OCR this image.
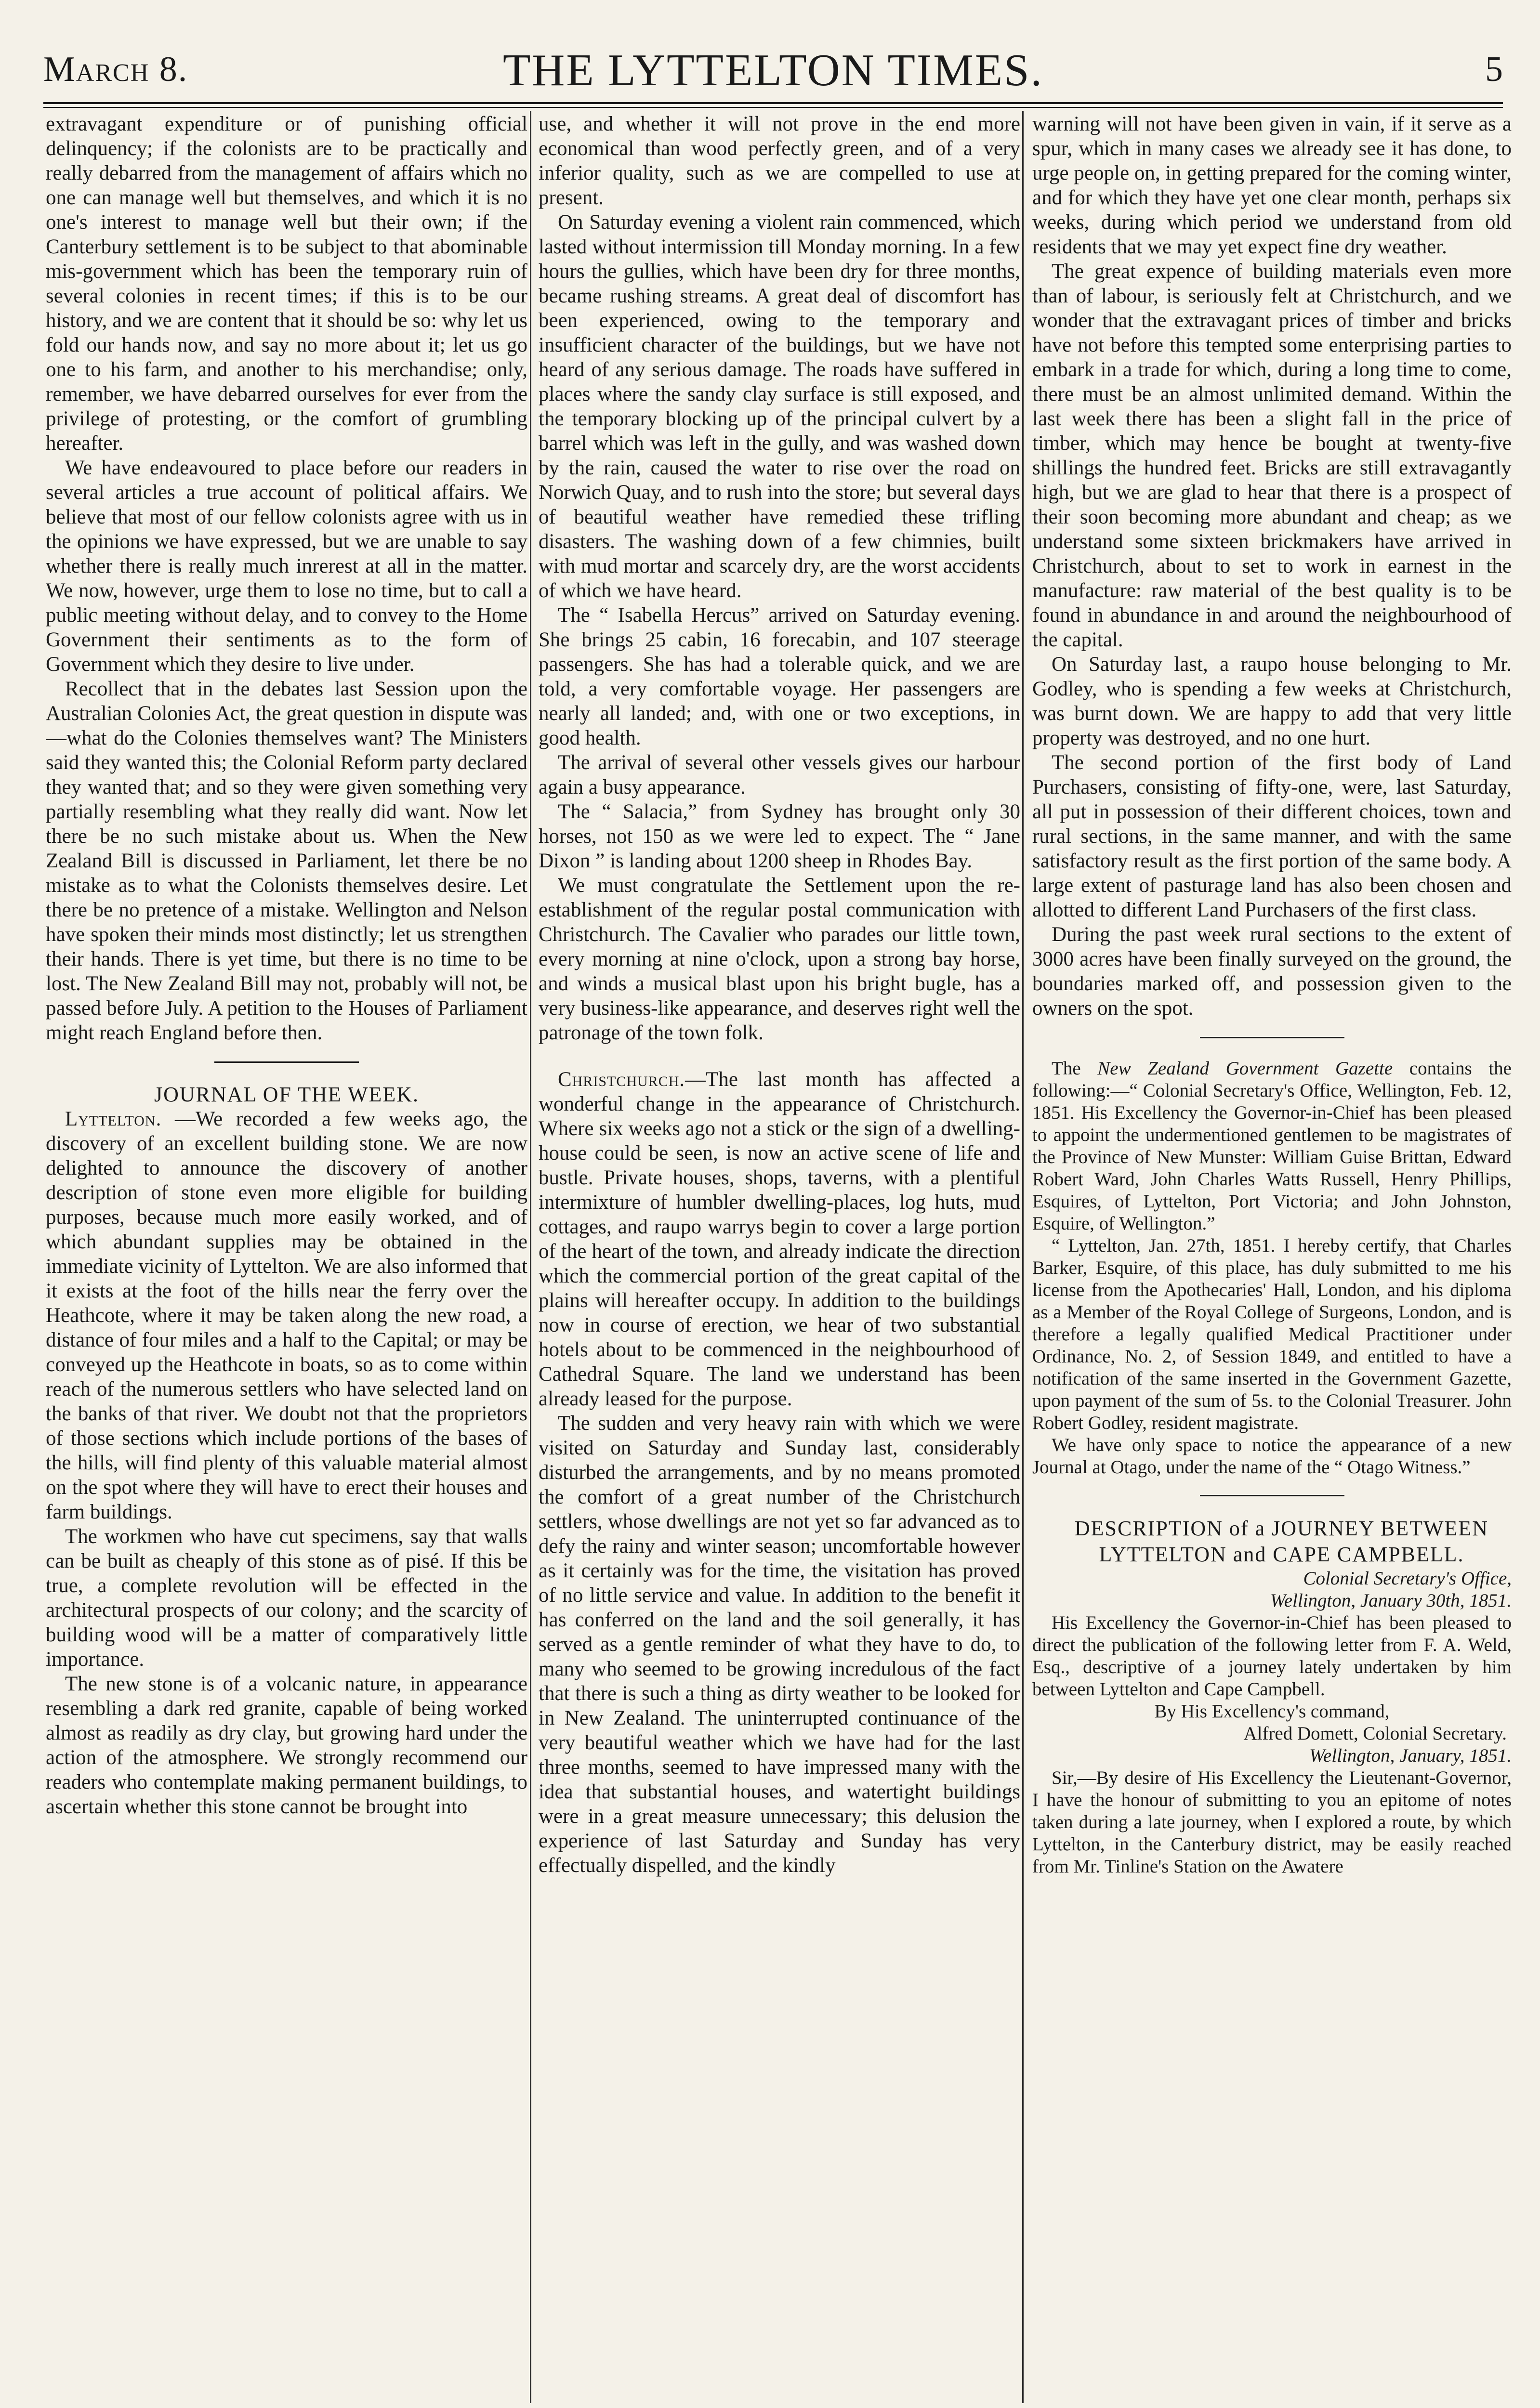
March 8.	THE LYTTELTON TIMES.	5

extravagant expenditure or of punishing official delinquency; if the colonists are to be practically and really debarred from the management of affairs which no one can manage well but themselves, and which it is no one's interest to manage well but their own; if the Canterbury settlement is to be subject to that abominable mis-government which has been the temporary ruin of several colonies in recent times; if this is to be our history, and we are content that it should be so: why let us fold our hands now, and say no more about it; let us go one to his farm, and another to his merchandise; only, remember, we have debarred ourselves for ever from the privilege of protesting, or the comfort of grumbling hereafter.

We have endeavoured to place before our readers in several articles a true account of political affairs. We believe that most of our fellow colonists agree with us in the opinions we have expressed, but we are unable to say whether there is really much inrerest at all in the matter. We now, however, urge them to lose no time, but to call a public meeting without delay, and to convey to the Home Government their sentiments as to the form of Government which they desire to live under.

Recollect that in the debates last Session upon the Australian Colonies Act, the great question in dispute was—what do the Colonies themselves want? The Ministers said they wanted this; the Colonial Reform party declared they wanted that; and so they were given something very partially resembling what they really did want. Now let there be no such mistake about us. When the New Zealand Bill is discussed in Parliament, let there be no mistake as to what the Colonists themselves desire. Let there be no pretence of a mistake. Wellington and Nelson have spoken their minds most distinctly; let us strengthen their hands. There is yet time, but there is no time to be lost. The New Zealand Bill may not, probably will not, be passed before July. A petition to the Houses of Parliament might reach England before then.

JOURNAL OF THE WEEK.

Lyttelton. —We recorded a few weeks ago, the discovery of an excellent building stone. We are now delighted to announce the discovery of another description of stone even more eligible for building purposes, because much more easily worked, and of which abundant supplies may be obtained in the immediate vicinity of Lyttelton. We are also informed that it exists at the foot of the hills near the ferry over the Heathcote, where it may be taken along the new road, a distance of four miles and a half to the Capital; or may be conveyed up the Heathcote in boats, so as to come within reach of the numerous settlers who have selected land on the banks of that river. We doubt not that the proprietors of those sections which include portions of the bases of the hills, will find plenty of this valuable material almost on the spot where they will have to erect their houses and farm buildings.

The workmen who have cut specimens, say that walls can be built as cheaply of this stone as of pisé. If this be true, a complete revolution will be effected in the architectural prospects of our colony; and the scarcity of building wood will be a matter of comparatively little importance.

The new stone is of a volcanic nature, in appearance resembling a dark red granite, capable of being worked almost as readily as dry clay, but growing hard under the action of the atmosphere. We strongly recommend our readers who contemplate making permanent buildings, to ascertain whether this stone cannot be brought into

use, and whether it will not prove in the end more economical than wood perfectly green, and of a very inferior quality, such as we are compelled to use at present.

On Saturday evening a violent rain commenced, which lasted without intermission till Monday morning. In a few hours the gullies, which have been dry for three months, became rushing streams. A great deal of discomfort has been experienced, owing to the temporary and insufficient character of the buildings, but we have not heard of any serious damage. The roads have suffered in places where the sandy clay surface is still exposed, and the temporary blocking up of the principal culvert by a barrel which was left in the gully, and was washed down by the rain, caused the water to rise over the road on Norwich Quay, and to rush into the store; but several days of beautiful weather have remedied these trifling disasters. The washing down of a few chimnies, built with mud mortar and scarcely dry, are the worst accidents of which we have heard.

The “ Isabella Hercus” arrived on Saturday evening. She brings 25 cabin, 16 forecabin, and 107 steerage passengers. She has had a tolerable quick, and we are told, a very comfortable voyage. Her passengers are nearly all landed; and, with one or two exceptions, in good health.

The arrival of several other vessels gives our harbour again a busy appearance.

The “ Salacia,” from Sydney has brought only 30 horses, not 150 as we were led to expect. The “ Jane Dixon ” is landing about 1200 sheep in Rhodes Bay.

We must congratulate the Settlement upon the re-establishment of the regular postal communication with Christchurch. The Cavalier who parades our little town, every morning at nine o'clock, upon a strong bay horse, and winds a musical blast upon his bright bugle, has a very business-like appearance, and deserves right well the patronage of the town folk.

Christchurch.—The last month has affected a wonderful change in the appearance of Christchurch. Where six weeks ago not a stick or the sign of a dwelling-house could be seen, is now an active scene of life and bustle. Private houses, shops, taverns, with a plentiful intermixture of humbler dwelling-places, log huts, mud cottages, and raupo warrys begin to cover a large portion of the heart of the town, and already indicate the direction which the commercial portion of the great capital of the plains will hereafter occupy. In addition to the buildings now in course of erection, we hear of two substantial hotels about to be commenced in the neighbourhood of Cathedral Square. The land we understand has been already leased for the purpose.

The sudden and very heavy rain with which we were visited on Saturday and Sunday last, considerably disturbed the arrangements, and by no means promoted the comfort of a great number of the Christchurch settlers, whose dwellings are not yet so far advanced as to defy the rainy and winter season; uncomfortable however as it certainly was for the time, the visitation has proved of no little service and value. In addition to the benefit it has conferred on the land and the soil generally, it has served as a gentle reminder of what they have to do, to many who seemed to be growing incredulous of the fact that there is such a thing as dirty weather to be looked for in New Zealand. The uninterrupted continuance of the very beautiful weather which we have had for the last three months, seemed to have impressed many with the idea that substantial houses, and watertight buildings were in a great measure unnecessary; this delusion the experience of last Saturday and Sunday has very effectually dispelled, and the kindly

warning will not have been given in vain, if it serve as a spur, which in many cases we already see it has done, to urge people on, in getting prepared for the coming winter, and for which they have yet one clear month, perhaps six weeks, during which period we understand from old residents that we may yet expect fine dry weather.

The great expence of building materials even more than of labour, is seriously felt at Christchurch, and we wonder that the extravagant prices of timber and bricks have not before this tempted some enterprising parties to embark in a trade for which, during a long time to come, there must be an almost unlimited demand. Within the last week there has been a slight fall in the price of timber, which may hence be bought at twenty-five shillings the hundred feet. Bricks are still extravagantly high, but we are glad to hear that there is a prospect of their soon becoming more abundant and cheap; as we understand some sixteen brickmakers have arrived in Christchurch, about to set to work in earnest in the manufacture: raw material of the best quality is to be found in abundance in and around the neighbourhood of the capital.

On Saturday last, a raupo house belonging to Mr. Godley, who is spending a few weeks at Christchurch, was burnt down. We are happy to add that very little property was destroyed, and no one hurt.

The second portion of the first body of Land Purchasers, consisting of fifty-one, were, last Saturday, all put in possession of their different choices, town and rural sections, in the same manner, and with the same satisfactory result as the first portion of the same body. A large extent of pasturage land has also been chosen and allotted to different Land Purchasers of the first class.

During the past week rural sections to the extent of 3000 acres have been finally surveyed on the ground, the boundaries marked off, and possession given to the owners on the spot.

The New Zealand Government Gazette contains the following:—“ Colonial Secretary's Office, Wellington, Feb. 12, 1851. His Excellency the Governor-in-Chief has been pleased to appoint the undermentioned gentlemen to be magistrates of the Province of New Munster: William Guise Brittan, Edward Robert Ward, John Charles Watts Russell, Henry Phillips, Esquires, of Lyttelton, Port Victoria; and John Johnston, Esquire, of Wellington.”

“ Lyttelton, Jan. 27th, 1851. I hereby certify, that Charles Barker, Esquire, of this place, has duly submitted to me his license from the Apothecaries' Hall, London, and his diploma as a Member of the Royal College of Surgeons, London, and is therefore a legally qualified Medical Practitioner under Ordinance, No. 2, of Session 1849, and entitled to have a notification of the same inserted in the Government Gazette, upon payment of the sum of 5s. to the Colonial Treasurer. John Robert Godley, resident magistrate.

We have only space to notice the appearance of a new Journal at Otago, under the name of the “ Otago Witness.”

DESCRIPTION of a JOURNEY BETWEEN

LYTTELTON and CAPE CAMPBELL.

Colonial Secretary's Office,

Wellington, January 30th, 1851.

His Excellency the Governor-in-Chief has been pleased to direct the publication of the following letter from F. A. Weld, Esq., descriptive of a journey lately undertaken by him between Lyttelton and Cape Campbell.

By His Excellency's command,

Alfred Domett, Colonial Secretary.

Wellington, January, 1851.

Sir,—By desire of His Excellency the Lieutenant-Governor, I have the honour of submitting to you an epitome of notes taken during a late journey, when I explored a route, by which Lyttelton, in the Canterbury district, may be easily reached from Mr. Tinline's Station on the Awatere
